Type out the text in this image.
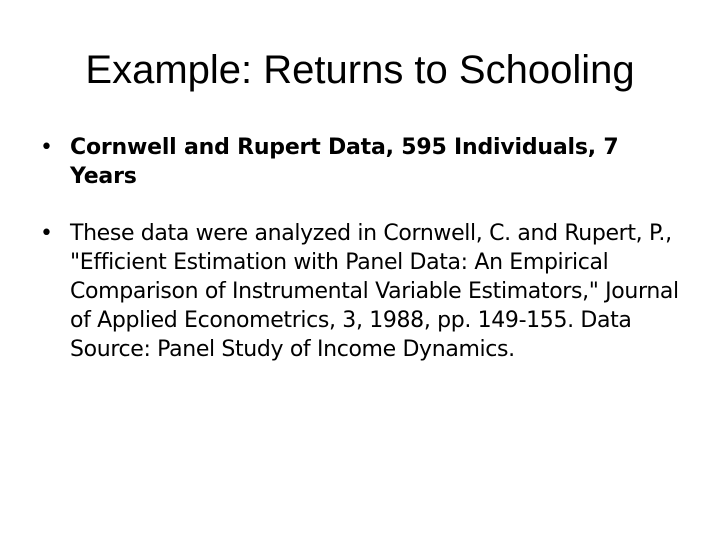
Example: Returns to Schooling
• Cornwell and Rupert Data, 595 Individuals, 7 Years
• These data were analyzed in Cornwell, C. and Rupert, P., "Efficient Estimation with Panel Data: An Empirical Comparison of Instrumental Variable Estimators," Journal of Applied Econometrics, 3, 1988, pp. 149-155. Data Source: Panel Study of Income Dynamics.
